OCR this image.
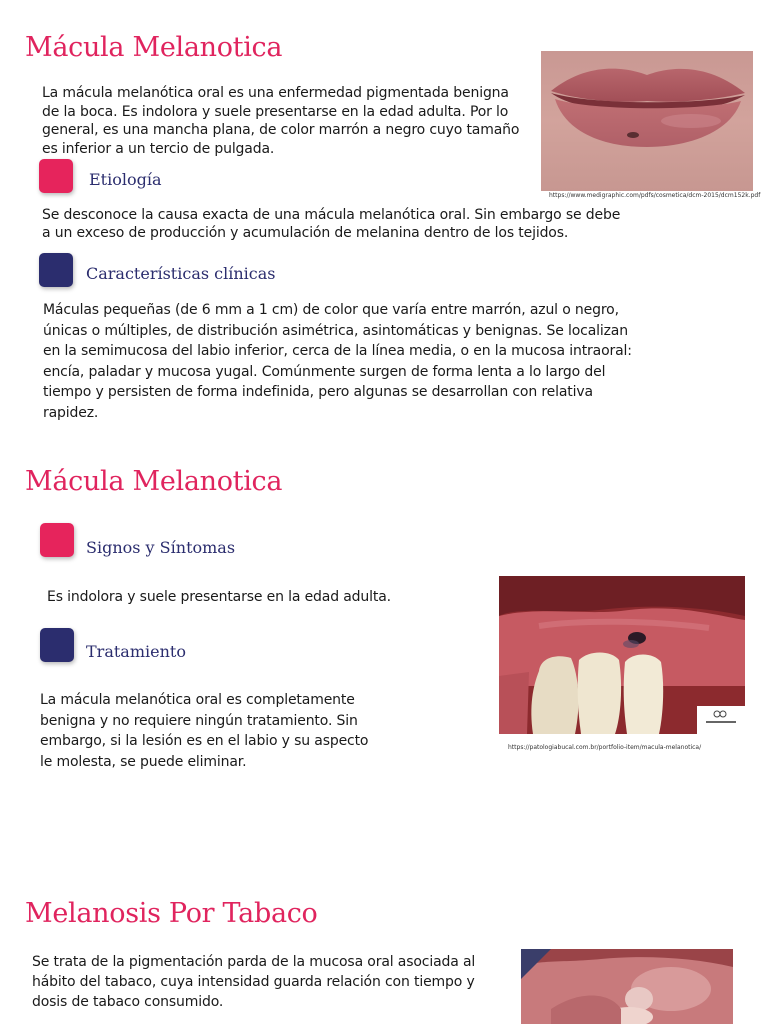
Mácula Melanotica
La mácula melanótica oral es una enfermedad pigmentada benigna de la boca. Es indolora y suele presentarse en la edad adulta. Por lo general, es una mancha plana, de color marrón a negro cuyo tamaño es inferior a un tercio de pulgada.
https://www.medigraphic.com/pdfs/cosmetica/dcm-2015/dcm152k.pdf
Etiología
Se desconoce la causa exacta de una mácula melanótica oral. Sin embargo se debe a un exceso de producción y acumulación de melanina dentro de los tejidos.
Características clínicas
Máculas pequeñas (de 6 mm a 1 cm) de color que varía entre marrón, azul o negro, únicas o múltiples, de distribución asimétrica, asintomáticas y benignas. Se localizan en la semimucosa del labio inferior, cerca de la línea media, o en la mucosa intraoral: encía, paladar y mucosa yugal. Comúnmente surgen de forma lenta a lo largo del tiempo y persisten de forma indefinida, pero algunas se desarrollan con relativa rapidez.
Mácula Melanotica
Signos y Síntomas
Es indolora y suele presentarse en la edad adulta.
Tratamiento
La mácula melanótica oral es completamente benigna y no requiere ningún tratamiento. Sin embargo, si la lesión es en el labio y su aspecto le molesta, se puede eliminar.
https://patologiabucal.com.br/portfolio-item/macula-melanotica/
Melanosis Por Tabaco
Se trata de la pigmentación parda de la mucosa oral asociada al hábito del tabaco, cuya intensidad guarda relación con tiempo y dosis de tabaco consumido.
